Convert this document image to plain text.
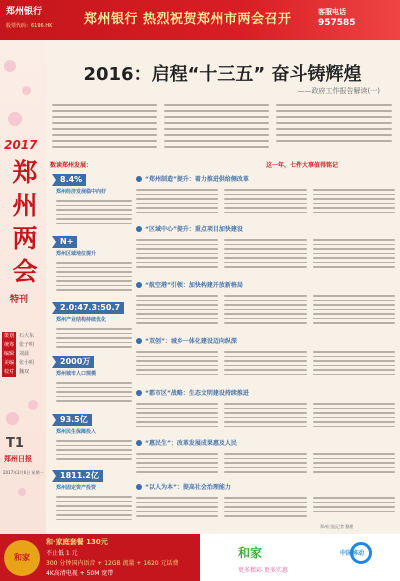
郑州银行
股票代码：6196.HK	郑州银行 热烈祝贺郑州市两会召开	客服电话
957585
2017
郑州两会
特刊
策划	石大东
统筹	张子明
编辑	刘晨
美编	张小明
校对	魏双
T1
郑州日报
2017年2月6日 星期一
2016：启程“十三五” 奋斗铸辉煌
——政府工作报告解读(一)
数读郑州发展：
8.4%
郑州经济发展稳中向好
N+
郑州区域地位提升
2.0:47.3:50.7
郑州产业结构持续优化
2000万
郑州城市人口规模
93.5亿
郑州民生保障投入
1811.2亿
郑州固定资产投资
这一年，七件大事值得铭记
“郑州制造”提升：着力推进供给侧改革
“区域中心”提升：重点项目加快建设
“航空港”引领：加快构建开放新格局
“双创”：城乡一体化建设迈向纵深
“都市区”战略：生态文明建设持续推进
“惠民生”：改革发展成果惠及人民
“以人为本”：提高社会治理能力
郑州日报记者 整理
和家
和·家庭套餐 130元
不止低 1 元
300 分钟国内语音 + 12GB 流量 + 1620 元话费
4K高清电视 + 50M 宽带
和家
更多精彩 更多实惠
中国移动
